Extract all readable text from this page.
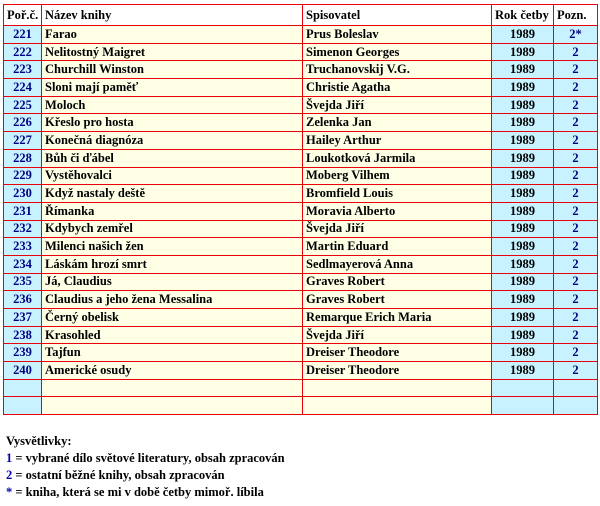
Poř.č.	Název knihy	Spisovatel	Rok četby	Pozn.
221	Farao	Prus Boleslav	1989	2*
222	Nelitostný Maigret	Simenon Georges	1989	2
223	Churchill Winston	Truchanovskij V.G.	1989	2
224	Sloni mají paměť	Christie Agatha	1989	2
225	Moloch	Švejda Jiří	1989	2
226	Křeslo pro hosta	Zelenka Jan	1989	2
227	Konečná diagnóza	Hailey Arthur	1989	2
228	Bůh či ďábel	Loukotková Jarmila	1989	2
229	Vystěhovalci	Moberg Vilhem	1989	2
230	Když nastaly deště	Bromfield Louis	1989	2
231	Římanka	Moravia Alberto	1989	2
232	Kdybych zemřel	Švejda Jiří	1989	2
233	Milenci našich žen	Martin Eduard	1989	2
234	Láskám hrozí smrt	Sedlmayerová Anna	1989	2
235	Já, Claudius	Graves Robert	1989	2
236	Claudius a jeho žena Messalina	Graves Robert	1989	2
237	Černý obelisk	Remarque Erich Maria	1989	2
238	Krasohled	Švejda Jiří	1989	2
239	Tajfun	Dreiser Theodore	1989	2
240	Americké osudy	Dreiser Theodore	1989	2

Vysvětlivky:
1 = vybrané dílo světové literatury, obsah zpracován
2 = ostatní běžné knihy, obsah zpracován
* = kniha, která se mi v době četby mimoř. líbila
